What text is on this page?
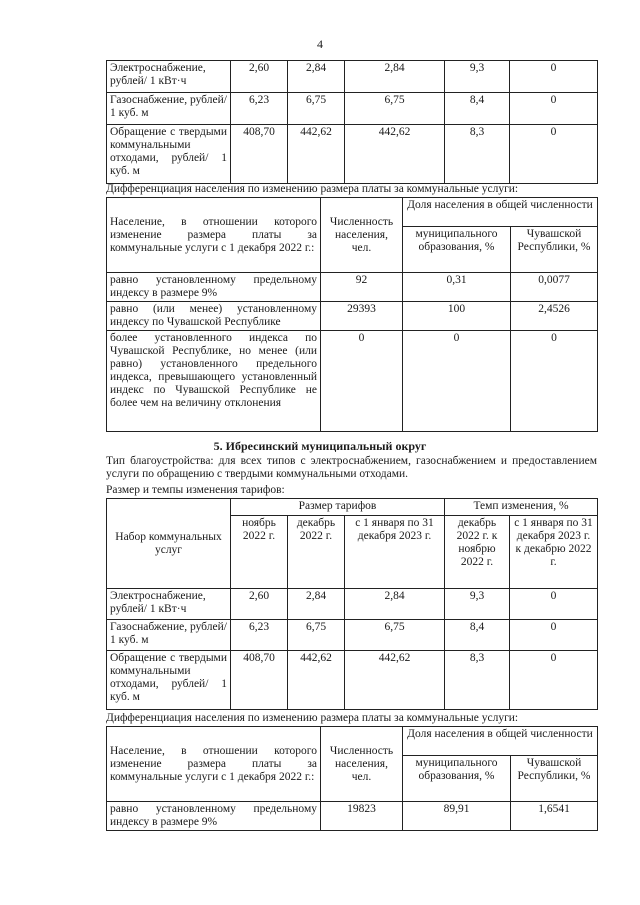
4
Электроснабжение, рублей/ 1 кВт·ч	2,60	2,84	2,84	9,3	0
Газоснабжение, рублей/ 1 куб. м	6,23	6,75	6,75	8,4	0
Обращение с твердыми коммунальными отходами, рублей/ 1 куб. м	408,70	442,62	442,62	8,3	0
Дифференциация населения по изменению размера платы за коммунальные услуги:
Население, в отношении которого изменение размера платы за коммунальные услуги с 1 декабря 2022 г.:	Численность населения, чел.	Доля населения в общей численности	
		муниципального образования, %	Чувашской Республики, %
равно установленному предельному индексу в размере 9%	92	0,31	0,0077
равно (или менее) установленному индексу по Чувашской Республике	29393	100	2,4526
более установленного индекса по Чувашской Республике, но менее (или равно) установленного предельного индекса, превышающего установленный индекс по Чувашской Республике не более чем на величину отклонения	0	0	0
5. Ибресинский муниципальный округ
Тип благоустройства: для всех типов с электроснабжением, газоснабжением и предоставлением услуги по обращению с твердыми коммунальными отходами.
Размер и темпы изменения тарифов:
Набор коммунальных услуг	Размер тарифов			Темп изменения, %	
	ноябрь 2022 г.	декабрь 2022 г.	с 1 января по 31 декабря 2023 г.	декабрь 2022 г. к ноябрю 2022 г.	с 1 января по 31 декабря 2023 г. к декабрю 2022 г.
Электроснабжение, рублей/ 1 кВт·ч	2,60	2,84	2,84	9,3	0
Газоснабжение, рублей/ 1 куб. м	6,23	6,75	6,75	8,4	0
Обращение с твердыми коммунальными отходами, рублей/ 1 куб. м	408,70	442,62	442,62	8,3	0
Дифференциация населения по изменению размера платы за коммунальные услуги:
Население, в отношении которого изменение размера платы за коммунальные услуги с 1 декабря 2022 г.:	Численность населения, чел.	Доля населения в общей численности	
		муниципального образования, %	Чувашской Республики, %
равно установленному предельному индексу в размере 9%	19823	89,91	1,6541
